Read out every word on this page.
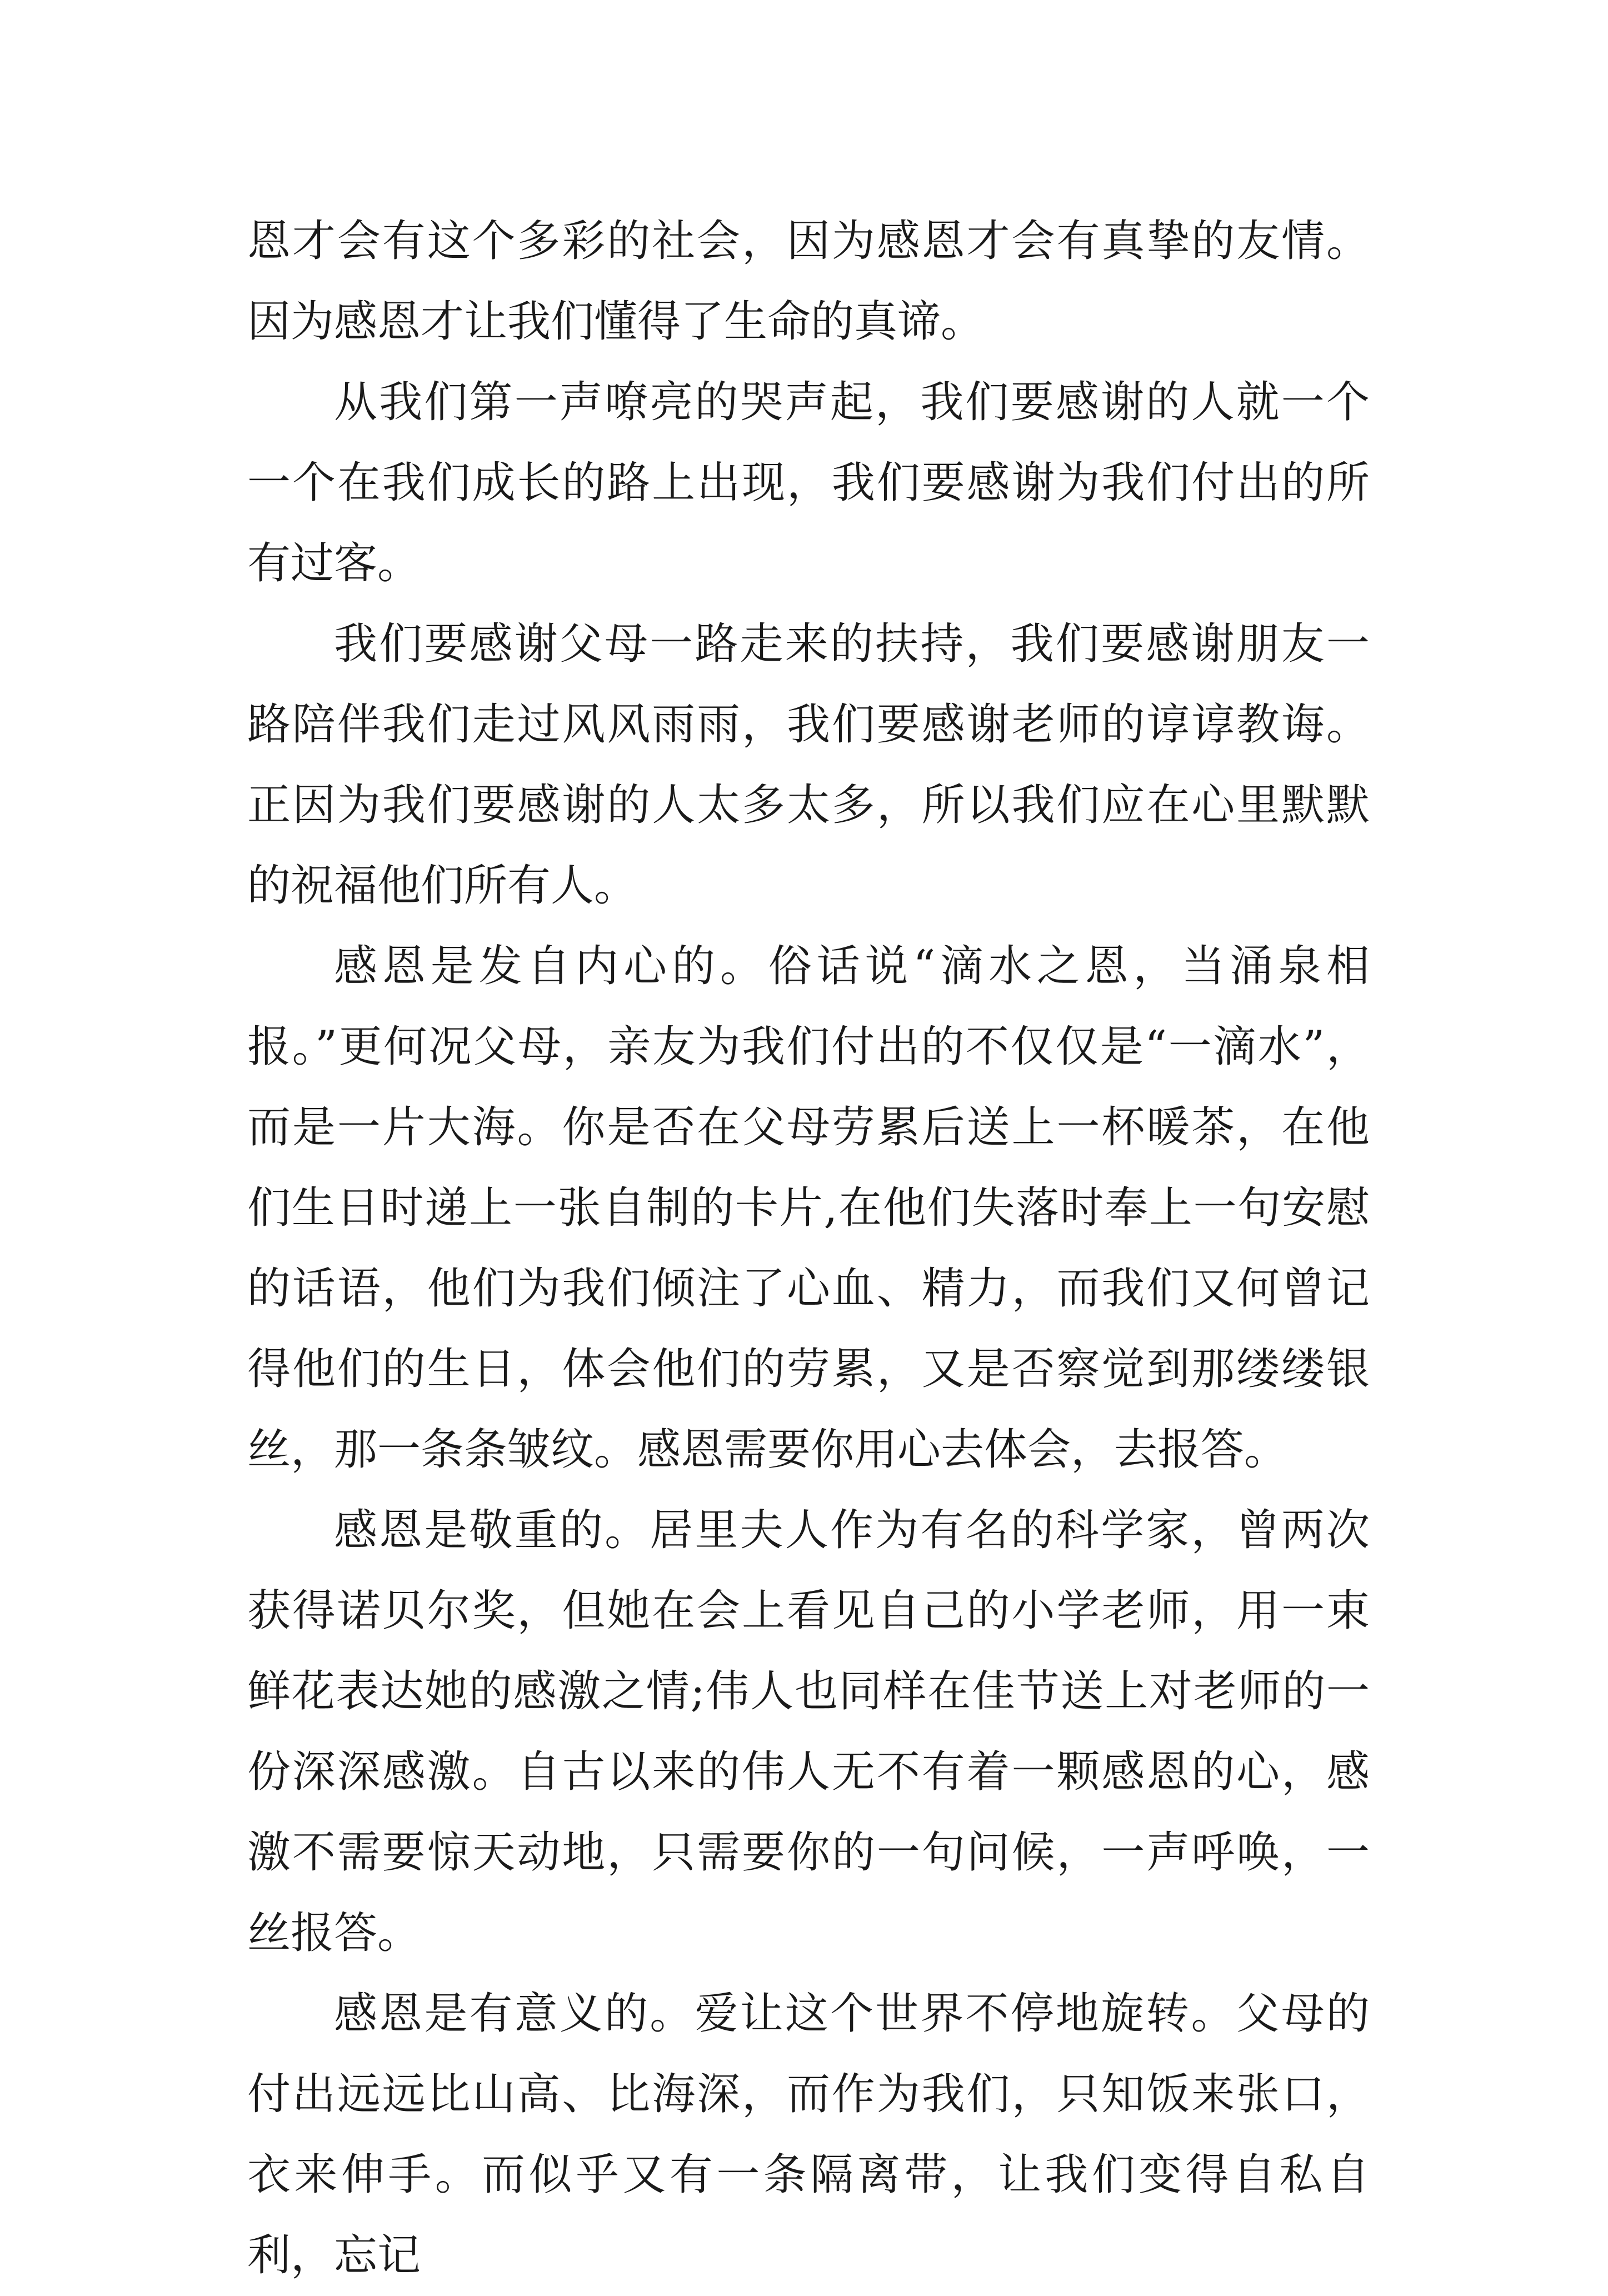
恩才会有这个多彩的社会，因为感恩才会有真挚的友情。因为感恩才让我们懂得了生命的真谛。

从我们第一声嘹亮的哭声起，我们要感谢的人就一个一个在我们成长的路上出现，我们要感谢为我们付出的所有过客。

我们要感谢父母一路走来的扶持，我们要感谢朋友一路陪伴我们走过风风雨雨，我们要感谢老师的谆谆教诲。正因为我们要感谢的人太多太多，所以我们应在心里默默的祝福他们所有人。

感恩是发自内心的。俗话说“滴水之恩，当涌泉相报。”更何况父母，亲友为我们付出的不仅仅是“一滴水”，而是一片大海。你是否在父母劳累后送上一杯暖茶，在他们生日时递上一张自制的卡片,在他们失落时奉上一句安慰的话语，他们为我们倾注了心血、精力，而我们又何曾记得他们的生日，体会他们的劳累，又是否察觉到那缕缕银丝，那一条条皱纹。感恩需要你用心去体会，去报答。

感恩是敬重的。居里夫人作为有名的科学家，曾两次获得诺贝尔奖，但她在会上看见自己的小学老师，用一束鲜花表达她的感激之情;伟人也同样在佳节送上对老师的一份深深感激。自古以来的伟人无不有着一颗感恩的心，感激不需要惊天动地，只需要你的一句问候，一声呼唤，一丝报答。

感恩是有意义的。爱让这个世界不停地旋转。父母的付出远远比山高、比海深，而作为我们，只知饭来张口，衣来伸手。而似乎又有一条隔离带，让我们变得自私自利，忘记
